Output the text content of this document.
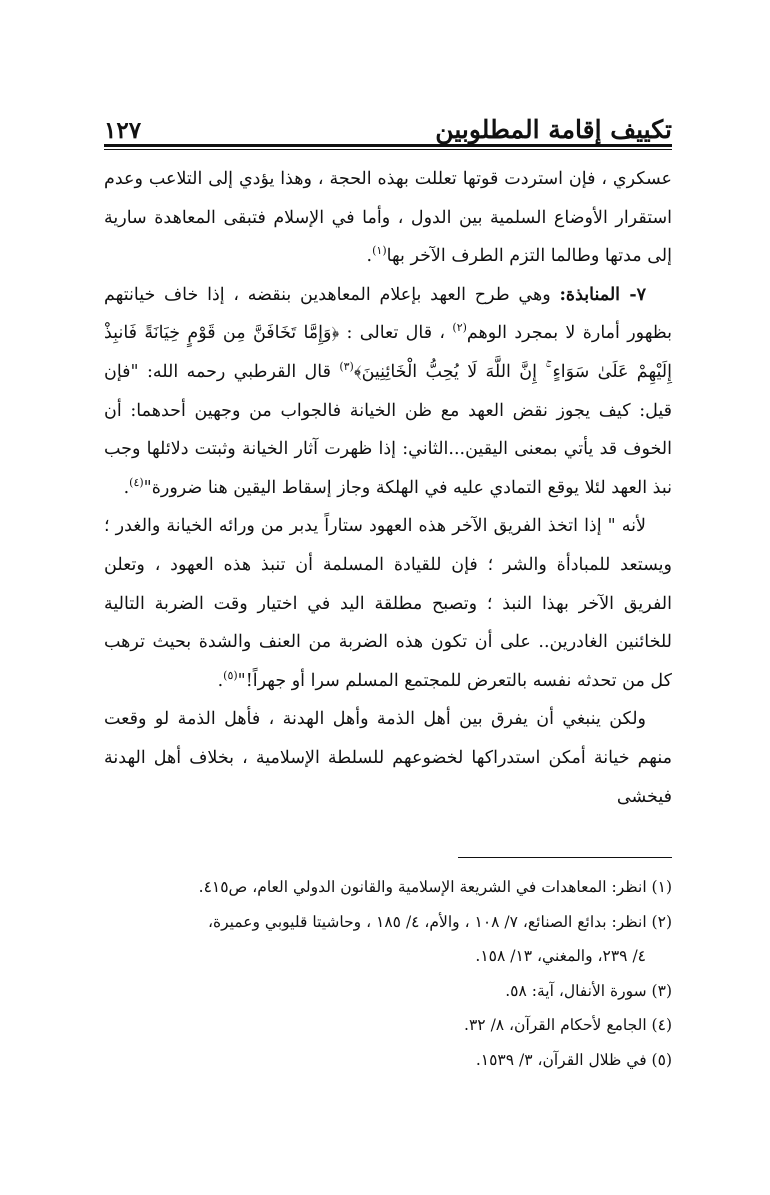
١٢٧	تكييف إقامة المطلوبين

عسكري ، فإن استردت قوتها تعللت بهذه الحجة ، وهذا يؤدي إلى التلاعب وعدم استقرار الأوضاع السلمية بين الدول ، وأما في الإسلام فتبقى المعاهدة سارية إلى مدتها وطالما التزم الطرف الآخر بها$^{(١)}$.

٧- المنابذة: وهي طرح العهد بإعلام المعاهدين بنقضه ، إذا خاف خيانتهم بظهور أمارة لا بمجرد الوهم$^{(٢)}$ ، قال تعالى : ﴿وَإِمَّا تَخَافَنَّ مِن قَوْمٍ خِيَانَةً فَانبِذْ إِلَيْهِمْ عَلَىٰ سَوَاءٍ ۚ إِنَّ اللَّهَ لَا يُحِبُّ الْخَائِنِينَ﴾$^{(٣)}$ قال القرطبي رحمه الله: "فإن قيل: كيف يجوز نقض العهد مع ظن الخيانة فالجواب من وجهين أحدهما: أن الخوف قد يأتي بمعنى اليقين...الثاني: إذا ظهرت آثار الخيانة وثبتت دلائلها وجب نبذ العهد لئلا يوقع التمادي عليه في الهلكة وجاز إسقاط اليقين هنا ضرورة"$^{(٤)}$.

لأنه " إذا اتخذ الفريق الآخر هذه العهود ستاراً يدبر من ورائه الخيانة والغدر ؛ ويستعد للمبادأة والشر ؛ فإن للقيادة المسلمة أن تنبذ هذه العهود ، وتعلن الفريق الآخر بهذا النبذ ؛ وتصبح مطلقة اليد في اختيار وقت الضربة التالية للخائنين الغادرين.. على أن تكون هذه الضربة من العنف والشدة بحيث ترهب كل من تحدثه نفسه بالتعرض للمجتمع المسلم سرا أو جهراً!"$^{(٥)}$.

ولكن ينبغي أن يفرق بين أهل الذمة وأهل الهدنة ، فأهل الذمة لو وقعت منهم خيانة أمكن استدراكها لخضوعهم للسلطة الإسلامية ، بخلاف أهل الهدنة فيخشى

(١) انظر: المعاهدات في الشريعة الإسلامية والقانون الدولي العام، ص٤١٥.

(٢) انظر: بدائع الصنائع، ٧/ ١٠٨ ، والأم، ٤/ ١٨٥ ، وحاشيتا قليوبي وعميرة،

٤/ ٢٣٩، والمغني، ١٣/ ١٥٨.

(٣) سورة الأنفال، آية: ٥٨.

(٤) الجامع لأحكام القرآن، ٨/ ٣٢.

(٥) في ظلال القرآن، ٣/ ١٥٣٩.
